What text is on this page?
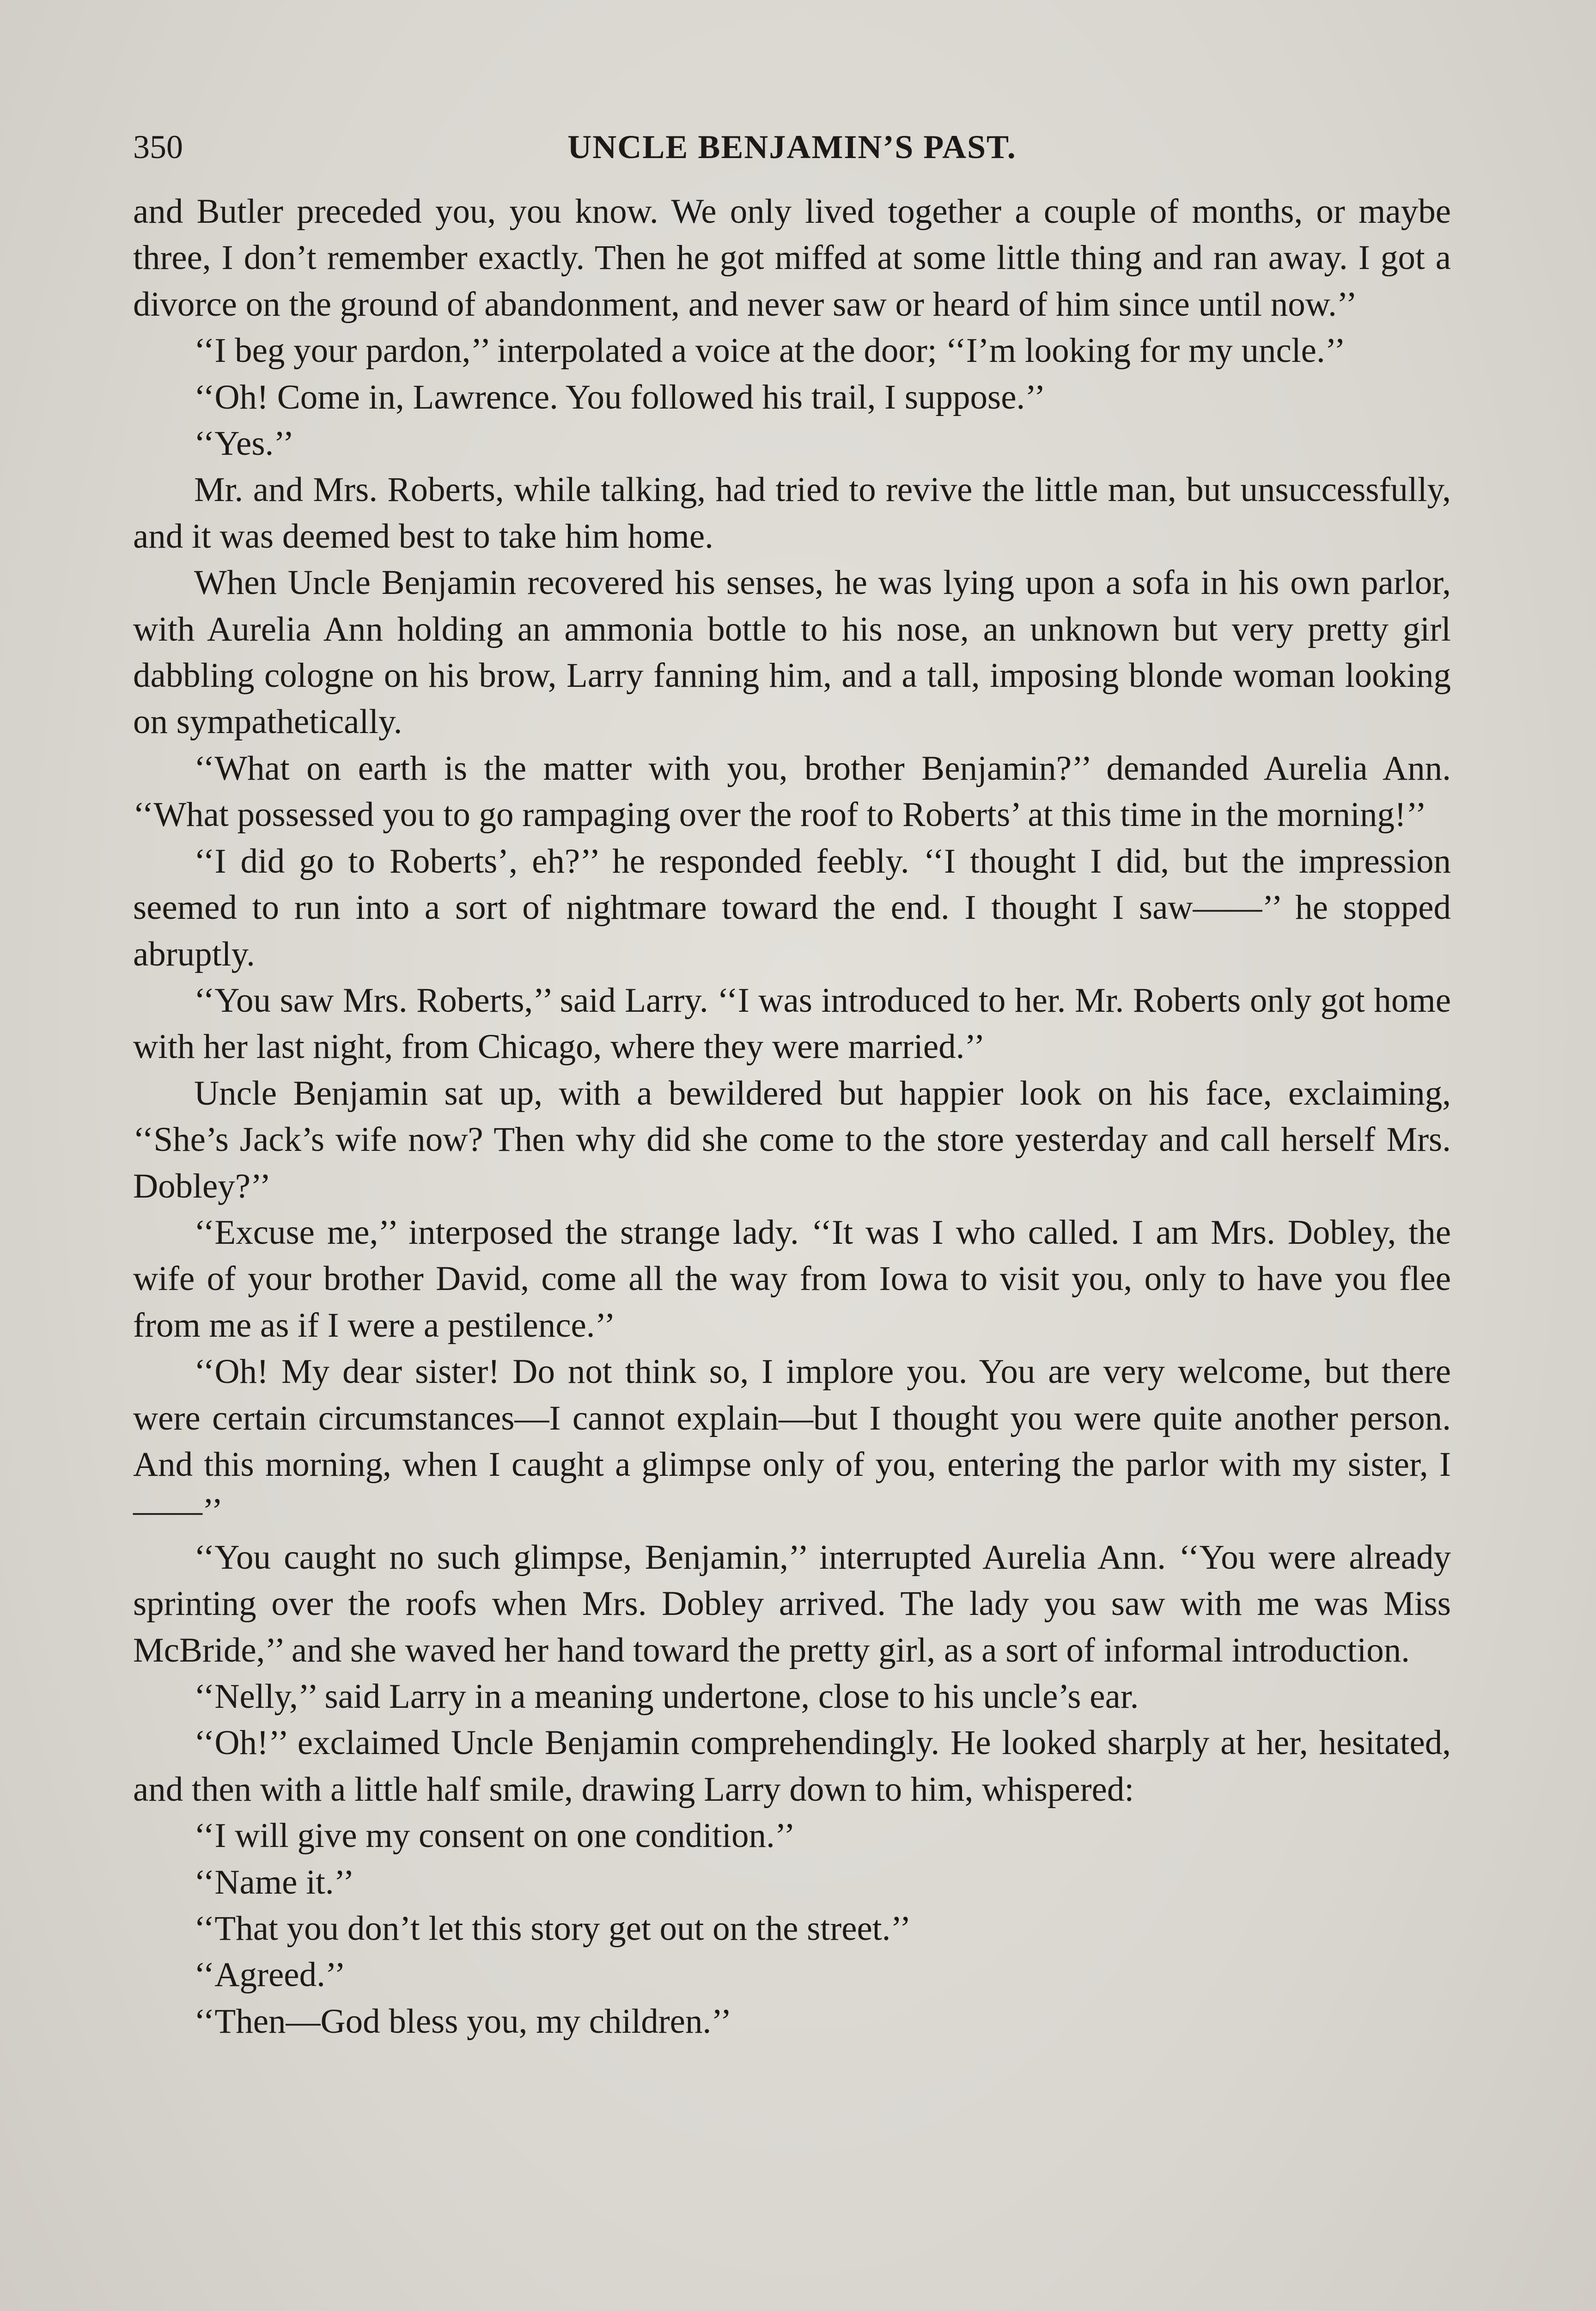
350	UNCLE BENJAMIN’S PAST.

and Butler preceded you, you know. We only lived together a couple of months, or maybe three, I don’t remember exactly. Then he got miffed at some little thing and ran away. I got a divorce on the ground of abandonment, and never saw or heard of him since until now.’’

‘‘I beg your pardon,’’ interpolated a voice at the door; ‘‘I’m looking for my uncle.’’

‘‘Oh! Come in, Lawrence. You followed his trail, I suppose.’’

‘‘Yes.’’

Mr. and Mrs. Roberts, while talking, had tried to revive the little man, but unsuccessfully, and it was deemed best to take him home.

When Uncle Benjamin recovered his senses, he was lying upon a sofa in his own parlor, with Aurelia Ann holding an ammonia bottle to his nose, an unknown but very pretty girl dabbling cologne on his brow, Larry fanning him, and a tall, imposing blonde woman looking on sympathetically.

‘‘What on earth is the matter with you, brother Benjamin?’’ demanded Aurelia Ann. ‘‘What possessed you to go rampaging over the roof to Roberts’ at this time in the morning!’’

‘‘I did go to Roberts’, eh?’’ he responded feebly. ‘‘I thought I did, but the impression seemed to run into a sort of nightmare toward the end. I thought I saw——’’ he stopped abruptly.

‘‘You saw Mrs. Roberts,’’ said Larry. ‘‘I was introduced to her. Mr. Roberts only got home with her last night, from Chicago, where they were married.’’

Uncle Benjamin sat up, with a bewildered but happier look on his face, exclaiming, ‘‘She’s Jack’s wife now? Then why did she come to the store yesterday and call herself Mrs. Dobley?’’

‘‘Excuse me,’’ interposed the strange lady. ‘‘It was I who called. I am Mrs. Dobley, the wife of your brother David, come all the way from Iowa to visit you, only to have you flee from me as if I were a pestilence.’’

‘‘Oh! My dear sister! Do not think so, I implore you. You are very welcome, but there were certain circumstances—I cannot explain—but I thought you were quite another person. And this morning, when I caught a glimpse only of you, entering the parlor with my sister, I——’’

‘‘You caught no such glimpse, Benjamin,’’ interrupted Aurelia Ann. ‘‘You were already sprinting over the roofs when Mrs. Dobley arrived. The lady you saw with me was Miss McBride,’’ and she waved her hand toward the pretty girl, as a sort of informal introduction.

‘‘Nelly,’’ said Larry in a meaning undertone, close to his uncle’s ear.

‘‘Oh!’’ exclaimed Uncle Benjamin comprehendingly. He looked sharply at her, hesitated, and then with a little half smile, drawing Larry down to him, whispered:

‘‘I will give my consent on one condition.’’

‘‘Name it.’’

‘‘That you don’t let this story get out on the street.’’

‘‘Agreed.’’

‘‘Then—God bless you, my children.’’
